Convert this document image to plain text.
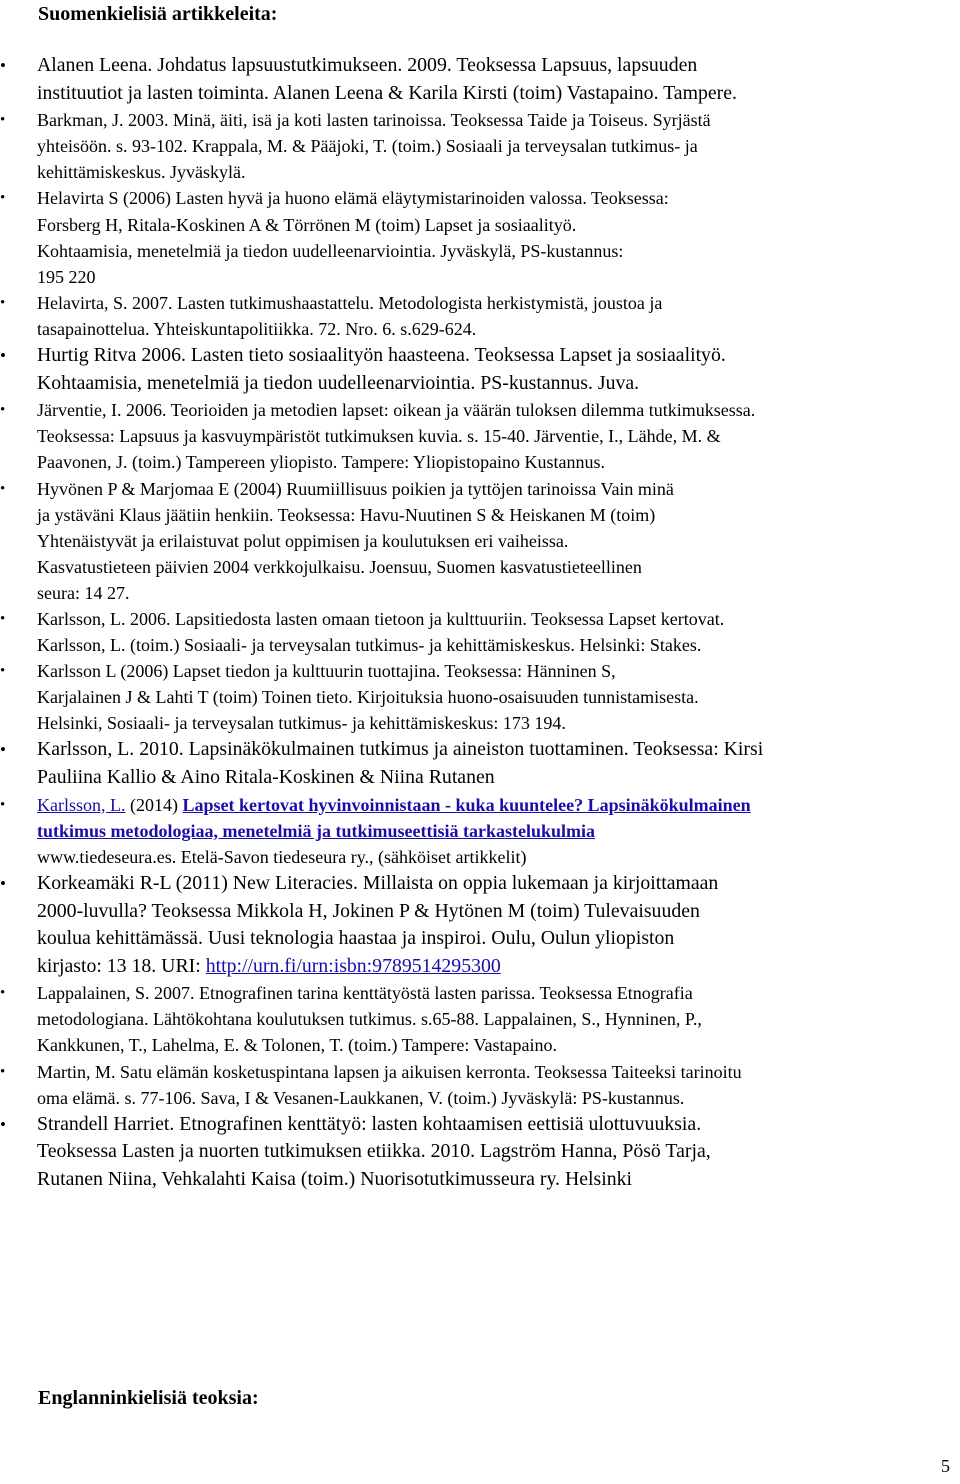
Suomenkielisiä artikkeleita:
• Alanen Leena. Johdatus lapsuustutkimukseen. 2009. Teoksessa Lapsuus, lapsuuden
instituutiot ja lasten toiminta. Alanen Leena & Karila Kirsti (toim) Vastapaino. Tampere.
• Barkman, J. 2003. Minä, äiti, isä ja koti lasten tarinoissa. Teoksessa Taide ja Toiseus. Syrjästä
yhteisöön. s. 93-102. Krappala, M. & Pääjoki, T. (toim.) Sosiaali ja terveysalan tutkimus- ja
kehittämiskeskus. Jyväskylä.
• Helavirta S (2006) Lasten hyvä ja huono elämä eläytymistarinoiden valossa. Teoksessa:
Forsberg H, Ritala-Koskinen A & Törrönen M (toim) Lapset ja sosiaalityö.
Kohtaamisia, menetelmiä ja tiedon uudelleenarviointia. Jyväskylä, PS-kustannus:
195 220
• Helavirta, S. 2007. Lasten tutkimushaastattelu. Metodologista herkistymistä, joustoa ja
tasapainottelua. Yhteiskuntapolitiikka. 72. Nro. 6. s.629-624.
• Hurtig Ritva 2006. Lasten tieto sosiaalityön haasteena. Teoksessa Lapset ja sosiaalityö.
Kohtaamisia, menetelmiä ja tiedon uudelleenarviointia. PS-kustannus. Juva.
• Järventie, I. 2006. Teorioiden ja metodien lapset: oikean ja väärän tuloksen dilemma tutkimuksessa.
Teoksessa: Lapsuus ja kasvuympäristöt tutkimuksen kuvia. s. 15-40. Järventie, I., Lähde, M. &
Paavonen, J. (toim.) Tampereen yliopisto. Tampere: Yliopistopaino Kustannus.
• Hyvönen P & Marjomaa E (2004) Ruumiillisuus poikien ja tyttöjen tarinoissa Vain minä
ja ystäväni Klaus jäätiin henkiin. Teoksessa: Havu-Nuutinen S & Heiskanen M (toim)
Yhtenäistyvät ja erilaistuvat polut oppimisen ja koulutuksen eri vaiheissa.
Kasvatustieteen päivien 2004 verkkojulkaisu. Joensuu, Suomen kasvatustieteellinen
seura: 14 27.
• Karlsson, L. 2006. Lapsitiedosta lasten omaan tietoon ja kulttuuriin. Teoksessa Lapset kertovat.
Karlsson, L. (toim.) Sosiaali- ja terveysalan tutkimus- ja kehittämiskeskus. Helsinki: Stakes.
• Karlsson L (2006) Lapset tiedon ja kulttuurin tuottajina. Teoksessa: Hänninen S,
Karjalainen J & Lahti T (toim) Toinen tieto. Kirjoituksia huono-osaisuuden tunnistamisesta.
Helsinki, Sosiaali- ja terveysalan tutkimus- ja kehittämiskeskus: 173 194.
• Karlsson, L. 2010. Lapsinäkökulmainen tutkimus ja aineiston tuottaminen. Teoksessa: Kirsi
Pauliina Kallio & Aino Ritala-Koskinen & Niina Rutanen
• Karlsson, L. (2014) Lapset kertovat hyvinvoinnistaan - kuka kuuntelee? Lapsinäkökulmainen
tutkimus metodologiaa, menetelmiä ja tutkimuseettisiä tarkastelukulmia
www.tiedeseura.es. Etelä-Savon tiedeseura ry., (sähköiset artikkelit)
• Korkeamäki R-L (2011) New Literacies. Millaista on oppia lukemaan ja kirjoittamaan
2000-luvulla? Teoksessa Mikkola H, Jokinen P & Hytönen M (toim) Tulevaisuuden
koulua kehittämässä. Uusi teknologia haastaa ja inspiroi. Oulu, Oulun yliopiston
kirjasto: 13 18. URI: http://urn.fi/urn:isbn:9789514295300
• Lappalainen, S. 2007. Etnografinen tarina kenttätyöstä lasten parissa. Teoksessa Etnografia
metodologiana. Lähtökohtana koulutuksen tutkimus. s.65-88. Lappalainen, S., Hynninen, P.,
Kankkunen, T., Lahelma, E. & Tolonen, T. (toim.) Tampere: Vastapaino.
• Martin, M. Satu elämän kosketuspintana lapsen ja aikuisen kerronta. Teoksessa Taiteeksi tarinoitu
oma elämä. s. 77-106. Sava, I & Vesanen-Laukkanen, V. (toim.) Jyväskylä: PS-kustannus.
• Strandell Harriet. Etnografinen kenttätyö: lasten kohtaamisen eettisiä ulottuvuuksia.
Teoksessa Lasten ja nuorten tutkimuksen etiikka. 2010. Lagström Hanna, Pösö Tarja,
Rutanen Niina, Vehkalahti Kaisa (toim.) Nuorisotutkimusseura ry. Helsinki
Englanninkielisiä teoksia:
5
